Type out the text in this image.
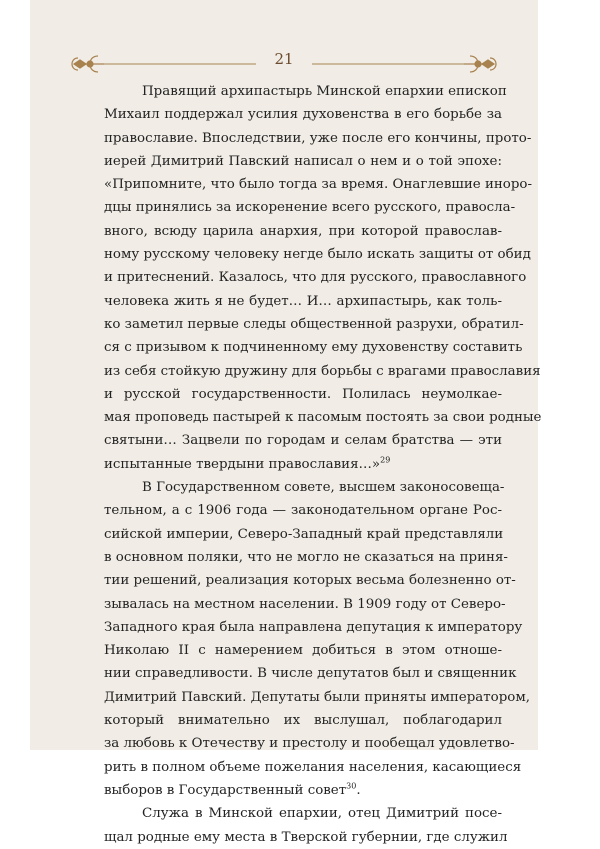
21
Правящий архипастырь Минской епархии епископ
Михаил поддержал усилия духовенства в его борьбе за
православие. Впоследствии, уже после его кончины, прото-
иерей Димитрий Павский написал о нем и о той эпохе:
«Припомните, что было тогда за время. Онаглевшие иноро-
дцы принялись за искоренение всего русского, правосла-
вного, всюду царила анархия, при которой православ-
ному русскому человеку негде было искать защиты от обид
и притеснений. Казалось, что для русского, православного
человека жить я не будет… И… архипастырь, как толь-
ко заметил первые следы общественной разрухи, обратил-
ся с призывом к подчиненному ему духовенству составить
из себя стойкую дружину для борьбы с врагами православия
и русской государственности. Полилась неумолкае-
мая проповедь пастырей к пасомым постоять за свои родные
святыни… Зацвели по городам и селам братства — эти
испытанные твердыни православия…»$^{29}$
В Государственном совете, высшем законосовеща-
тельном, а с 1906 года — законодательном органе Рос-
сийской империи, Северо-Западный край представляли
в основном поляки, что не могло не сказаться на приня-
тии решений, реализация которых весьма болезненно от-
зывалась на местном населении. В 1909 году от Северо-
Западного края была направлена депутация к императору
Николаю II с намерением добиться в этом отноше-
нии справедливости. В числе депутатов был и священник
Димитрий Павский. Депутаты были приняты императором,
который внимательно их выслушал, поблагодарил
за любовь к Отечеству и престолу и пообещал удовлетво-
рить в полном объеме пожелания населения, касающиеся
выборов в Государственный совет$^{30}$.
Служа в Минской епархии, отец Димитрий посе-
щал родные ему места в Тверской губернии, где служил
